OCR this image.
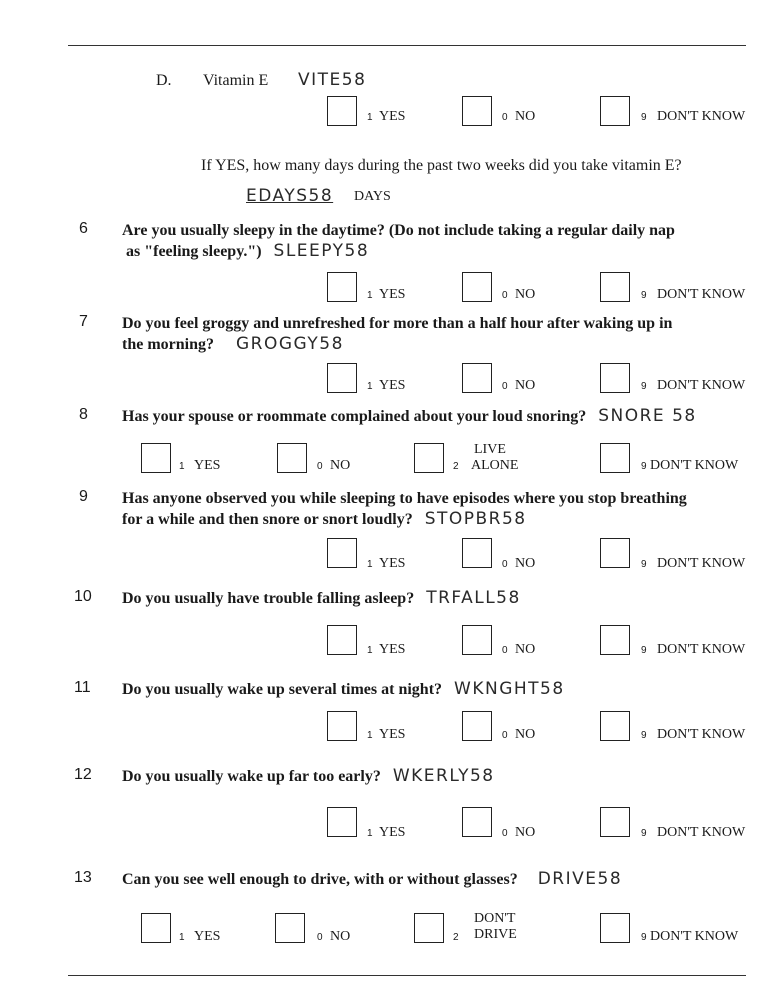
D. Vitamin E VITE58
1 YES	0 NO	9 DON'T KNOW
If YES, how many days during the past two weeks did you take vitamin E?
EDAYS58 DAYS
6 Are you usually sleepy in the daytime? (Do not include taking a regular daily nap
as "feeling sleepy.") SLEEPY58
1 YES	0 NO	9 DON'T KNOW
7 Do you feel groggy and unrefreshed for more than a half hour after waking up in
the morning? GROGGY58
1 YES	0 NO	9 DON'T KNOW
8 Has your spouse or roommate complained about your loud snoring? SNORE 58
1 YES	0 NO	2
LIVE
ALONE	9 DON'T KNOW
9 Has anyone observed you while sleeping to have episodes where you stop breathing
for a while and then snore or snort loudly? STOPBR58
1 YES	0 NO	9 DON'T KNOW
10 Do you usually have trouble falling asleep? TRFALL58
1 YES	0 NO	9 DON'T KNOW
11 Do you usually wake up several times at night? WKNGHT58
1 YES	0 NO	9 DON'T KNOW
12 Do you usually wake up far too early? WKERLY58
1 YES	0 NO	9 DON'T KNOW
13 Can you see well enough to drive, with or without glasses? DRIVE58
1 YES	0 NO	2
DON'T
DRIVE	9 DON'T KNOW
